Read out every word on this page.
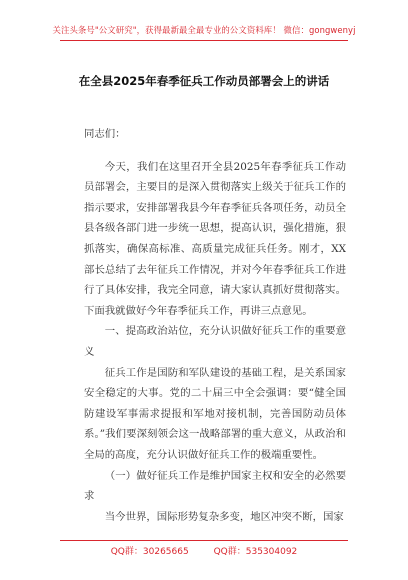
关注头条号"公文研究"，获得最新最全最专业的公文资料库！ 微信：gongwenyj
在全县2025年春季征兵工作动员部署会上的讲话

同志们：

今天，我们在这里召开全县2025年春季征兵工作动员部署会，主要目的是深入贯彻落实上级关于征兵工作的指示要求，安排部署我县今年春季征兵各项任务，动员全县各级各部门进一步统一思想，提高认识，强化措施，狠抓落实，确保高标准、高质量完成征兵任务。刚才，XX部长总结了去年征兵工作情况，并对今年春季征兵工作进行了具体安排，我完全同意，请大家认真抓好贯彻落实。下面我就做好今年春季征兵工作，再讲三点意见。

一、提高政治站位，充分认识做好征兵工作的重要意义

征兵工作是国防和军队建设的基础工程，是关系国家安全稳定的大事。党的二十届三中全会强调：要“健全国防建设军事需求提报和军地对接机制，完善国防动员体系。”我们要深刻领会这一战略部署的重大意义，从政治和全局的高度，充分认识做好征兵工作的极端重要性。

（一）做好征兵工作是维护国家主权和安全的必然要求

当今世界，国际形势复杂多变，地区冲突不断，国家

QQ群：30265665	QQ群：535304092
